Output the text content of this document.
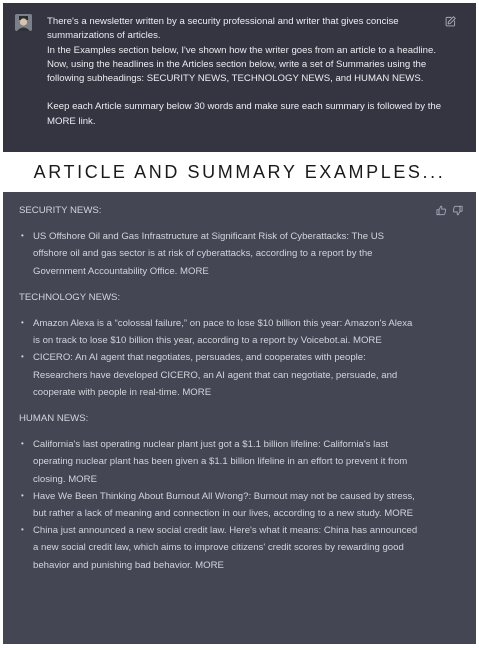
There's a newsletter written by a security professional and writer that gives concise summarizations of articles.

In the Examples section below, I've shown how the writer goes from an article to a headline. Now, using the headlines in the Articles section below, write a set of Summaries using the following subheadings: SECURITY NEWS, TECHNOLOGY NEWS, and HUMAN NEWS.

Keep each Article summary below 30 words and make sure each summary is followed by the MORE link.

ARTICLE AND SUMMARY EXAMPLES...

SECURITY NEWS:

• US Offshore Oil and Gas Infrastructure at Significant Risk of Cyberattacks: The US offshore oil and gas sector is at risk of cyberattacks, according to a report by the Government Accountability Office. MORE

TECHNOLOGY NEWS:

• Amazon Alexa is a “colossal failure,” on pace to lose $10 billion this year: Amazon's Alexa is on track to lose $10 billion this year, according to a report by Voicebot.ai. MORE
• CICERO: An AI agent that negotiates, persuades, and cooperates with people: Researchers have developed CICERO, an AI agent that can negotiate, persuade, and cooperate with people in real-time. MORE

HUMAN NEWS:

• California's last operating nuclear plant just got a $1.1 billion lifeline: California's last operating nuclear plant has been given a $1.1 billion lifeline in an effort to prevent it from closing. MORE
• Have We Been Thinking About Burnout All Wrong?: Burnout may not be caused by stress, but rather a lack of meaning and connection in our lives, according to a new study. MORE
• China just announced a new social credit law. Here's what it means: China has announced a new social credit law, which aims to improve citizens' credit scores by rewarding good behavior and punishing bad behavior. MORE
